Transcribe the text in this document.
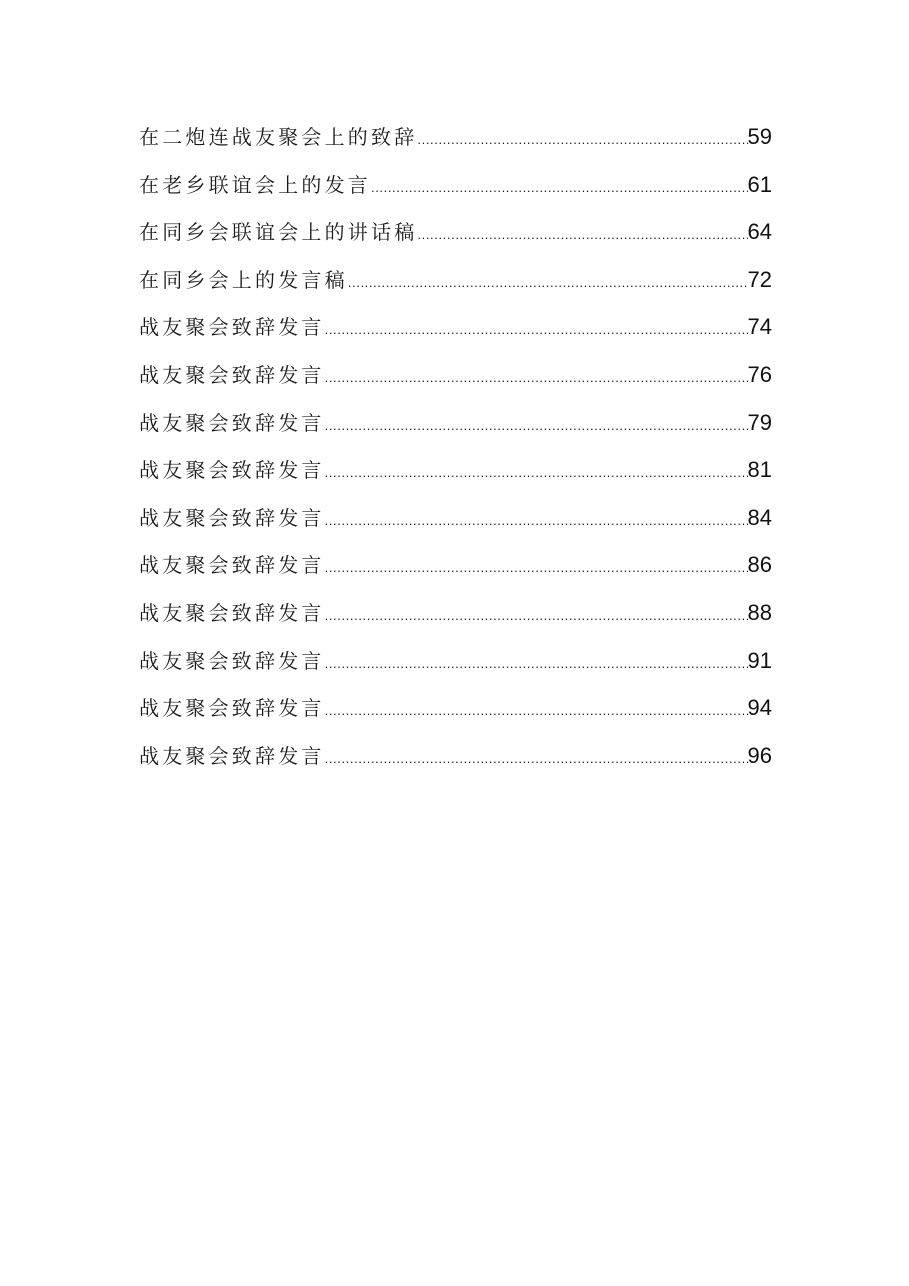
在二炮连战友聚会上的致辞 .....	59
在老乡联谊会上的发言 .....	61
在同乡会联谊会上的讲话稿 .....	64
在同乡会上的发言稿 .....	72
战友聚会致辞发言 .....	74
战友聚会致辞发言 .....	76
战友聚会致辞发言 .....	79
战友聚会致辞发言 .....	81
战友聚会致辞发言 .....	84
战友聚会致辞发言 .....	86
战友聚会致辞发言 .....	88
战友聚会致辞发言 .....	91
战友聚会致辞发言 .....	94
战友聚会致辞发言 .....	96
